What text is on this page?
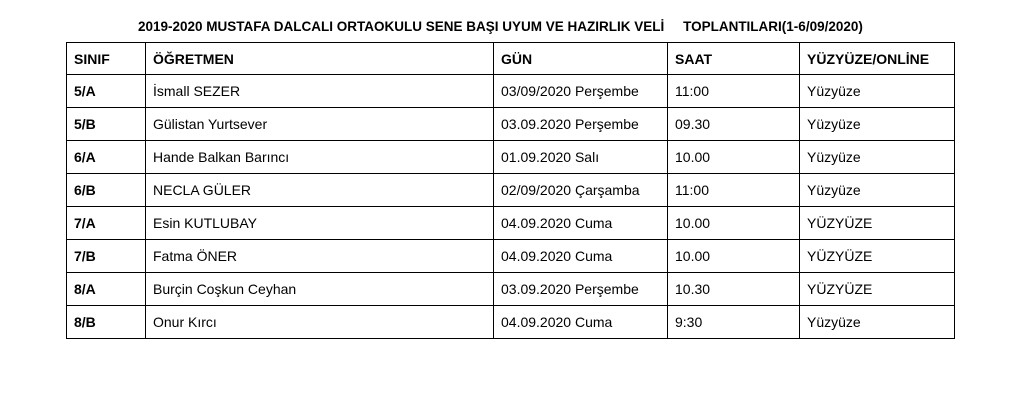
2019-2020 MUSTAFA DALCALI ORTAOKULU SENE BAŞI UYUM VE HAZIRLIK VELİ     TOPLANTILARI(1-6/09/2020)
SINIF	ÖĞRETMEN	GÜN	SAAT	YÜZYÜZE/ONLİNE
5/A	İsmall SEZER	03/09/2020 Perşembe	11:00	Yüzyüze
5/B	Gülistan Yurtsever	03.09.2020 Perşembe	09.30	Yüzyüze
6/A	Hande Balkan Barıncı	01.09.2020 Salı	10.00	Yüzyüze
6/B	NECLA GÜLER	02/09/2020 Çarşamba	11:00	Yüzyüze
7/A	Esin KUTLUBAY	04.09.2020 Cuma	10.00	YÜZYÜZE
7/B	Fatma ÖNER	04.09.2020 Cuma	10.00	YÜZYÜZE
8/A	Burçin Coşkun Ceyhan	03.09.2020 Perşembe	10.30	YÜZYÜZE
8/B	Onur Kırcı	04.09.2020 Cuma	9:30	Yüzyüze
